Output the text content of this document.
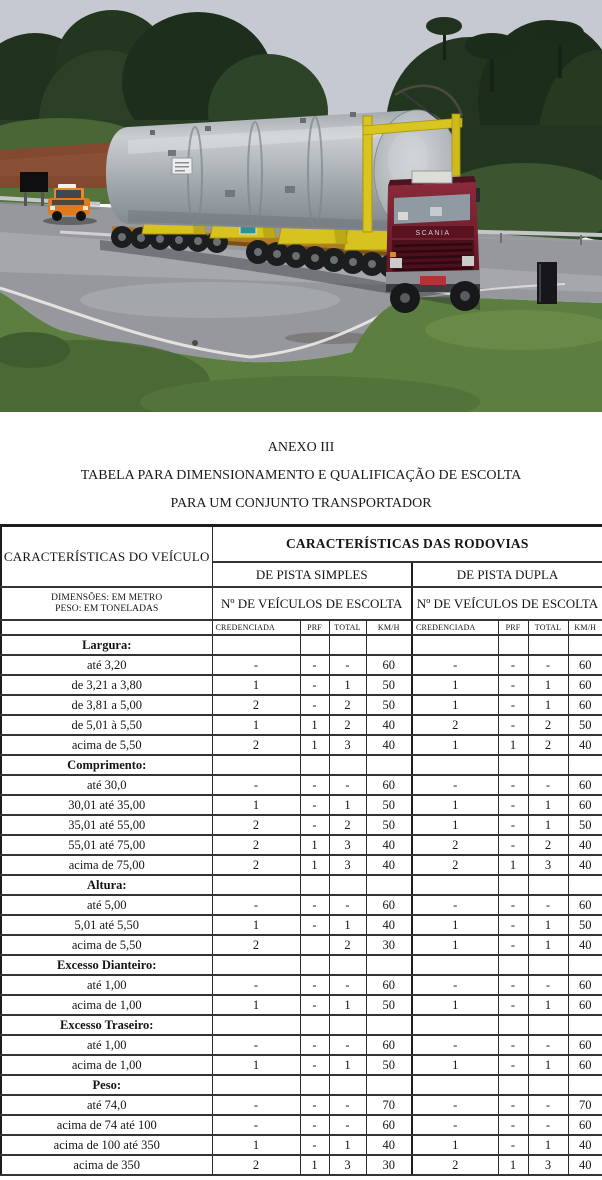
SCANIA
ANEXO III
TABELA PARA DIMENSIONAMENTO E QUALIFICAÇÃO DE ESCOLTA
PARA UM CONJUNTO TRANSPORTADOR
CARACTERÍSTICAS DO VEÍCULO	CARACTERÍSTICAS DAS RODOVIAS							
	DE PISTA SIMPLES				DE PISTA DUPLA			

DIMENSÕES: EM METRO
PESO: EM TONELADAS	Nº DE VEÍCULOS DE ESCOLTA				Nº DE VEÍCULOS DE ESCOLTA			
	CREDENCIADA	PRF	TOTAL	KM/H	CREDENCIADA	PRF	TOTAL	KM/H
Largura:								
até 3,20	-	-	-	60	-	-	-	60
de 3,21 a 3,80	1	-	1	50	1	-	1	60
de 3,81 a 5,00	2	-	2	50	1	-	1	60
de 5,01 à 5,50	1	1	2	40	2	-	2	50
acima de 5,50	2	1	3	40	1	1	2	40
Comprimento:								
até 30,0	-	-	-	60	-	-	-	60
30,01 até 35,00	1	-	1	50	1	-	1	60
35,01 até 55,00	2	-	2	50	1	-	1	50
55,01 até 75,00	2	1	3	40	2	-	2	40
acima de 75,00	2	1	3	40	2	1	3	40
Altura:								
até 5,00	-	-	-	60	-	-	-	60
5,01 até 5,50	1	-	1	40	1	-	1	50
acima de 5,50	2		2	30	1	-	1	40
Excesso Dianteiro:								
até 1,00	-	-	-	60	-	-	-	60
acima de 1,00	1	-	1	50	1	-	1	60
Excesso Traseiro:								
até 1,00	-	-	-	60	-	-	-	60
acima de 1,00	1	-	1	50	1	-	1	60
Peso:								
até 74,0	-	-	-	70	-	-	-	70
acima de 74 até 100	-	-	-	60	-	-	-	60
acima de 100 até 350	1	-	1	40	1	-	1	40
acima de 350	2	1	3	30	2	1	3	40
